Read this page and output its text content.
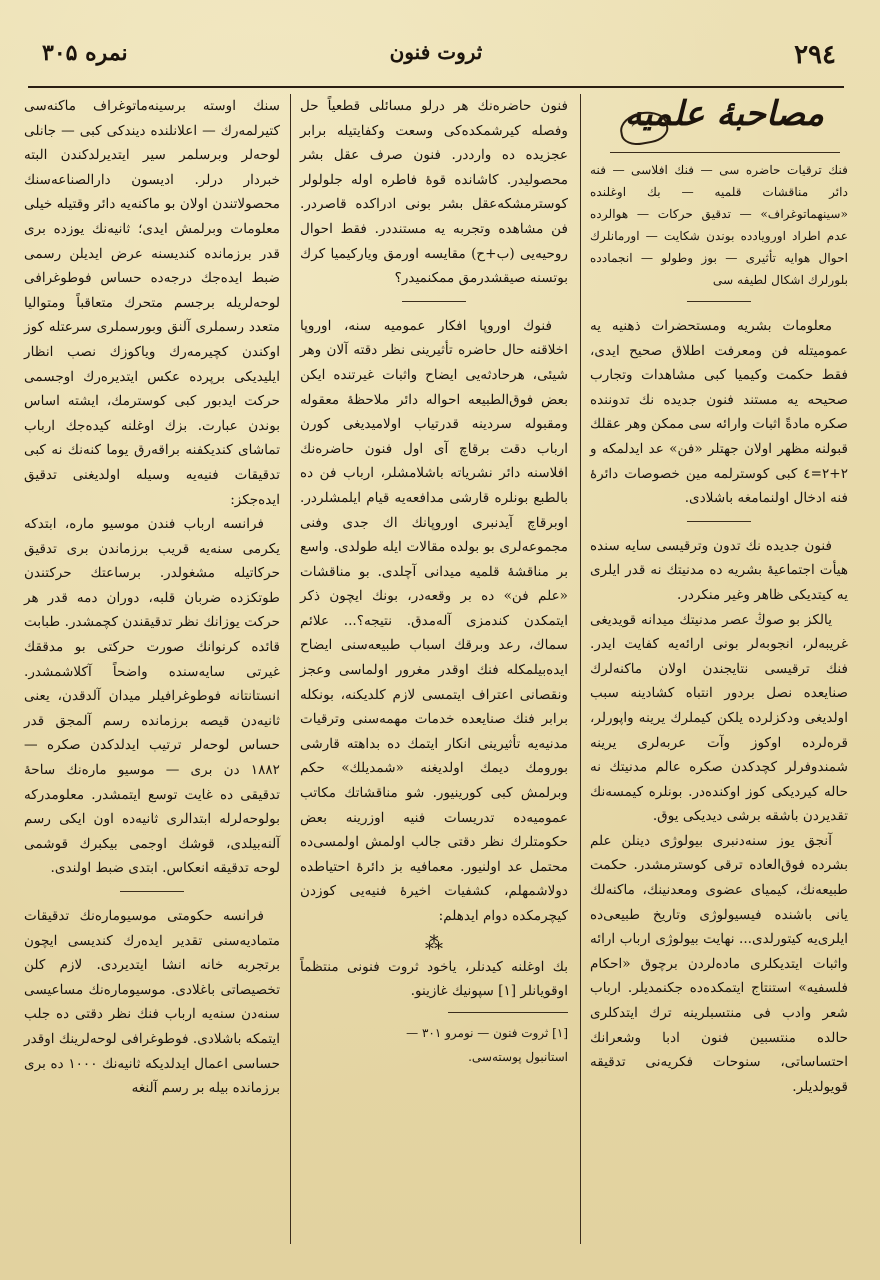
نمره ۳۰۵	ثروت فنون	۲۹٤
مصاحبهٔ علميه

فنك ترقيات حاضره سی — فنك افلاسی — فنه دائر مناقشات قلميه — بك اوغلنده «سينهماتوغراف» — تدقيق حركات — هوالرده عدم اطراد اورويادده بوندن شكايت — اورمانلرك احوال هوايه تأثيری — بوز وطولو — انجمادده بلورلرك اشكال لطيفه سی

معلومات بشريه ومستحضرات ذهنيه يه عموميتله فن ومعرفت اطلاق صحيح ايدی، فقط حكمت وكيميا كبی مشاهدات وتجارب صحيحه يه مستند فنون جديده نك تدوننده صكره مادةً اثبات وارائه سی ممكن وهر عقلك قبولنه مظهر اولان جهتلر «فن» عد ايدلمكه و ۲+۲=٤ كبی كوسترلمه مين خصوصات دائرهٔ فنه ادخال اولنمامغه باشلادی.

فنون جديده نك تدون وترقيسی سايه سنده هيأت اجتماعيهٔ بشريه ده مدنيتك نه قدر ايلری يه كيتديكی ظاهر وغير منكردر.

يالكز بو صوڭ عصر مدنيتك ميدانه قويديغی غريبه‌لر، انجوبه‌لر بونی ارائه‌يه كفايت ايدر. فنك ترقيسی نتايجندن اولان ماكنه‌لرك صنايعده نصل بردور انتباه كشادينه سبب اولديغی ودكزلرده يلكن كيملرك يرينه واپورلر، قره‌لرده اوكوز وآت عربه‌لری يرينه شمندوفرلر كچدكدن صكره عالم مدنيتك نه حاله كيرديكی كوز اوكنده‌در. بونلره كيمسه‌نك تقديردن باشقه برشی ديديكی يوق.

آنجق يوز سنه‌دنبری بيولوژی دينلن علم بشرده فوق‌العاده ترقی كوسترمشدر. حكمت طبيعه‌نك، كيميای عضوی ومعدنينك، ماكنه‌لك يانی باشنده فيسيولوژی وتاريخ طبيعی‌ده ايلری‌يه كيتورلدی... نهايت بيولوژی ارباب ارائه واثبات ايتديكلری ماده‌لردن برچوق «احكام فلسفيه» استنتاج ايتمكده‌ده جكنمديلر. ارباب شعر وادب فی منتسبلرينه ترك ايتدكلری حالده منتسبين فنون ادبا وشعرانك احتساساتی، سنوحات فكريه‌نی تدقيقه قويولديلر.

فنون حاضره‌نك هر درلو مسائلی قطعياً حل وفصله كيرشمكده‌كی وسعت وكفايتيله برابر عجزيده ده وارددر. فنون صرف عقل بشر محصوليدر. كاشانده قوهٔ فاطره اوله جلولولر كوسترمشكه‌عقل بشر بونی ادراكده قاصردر. فن مشاهده وتجربه يه مستنددر. فقط احوال روحيه‌يی (ب+ح) مقايسه اورمق وياركيميا كرك بوتسنه صيقشدرمق ممكنميدر؟

فنوك اوروپا افكار عموميه سنه، اوروپا اخلاقنه حال حاضره تأثيرينی نظر دقته آلان وهر شيئی، هرحادثه‌يی ايضاح واثبات غيرتنده ايكن بعض فوق‌الطبيعه احواله دائر ملاحظهٔ معقوله ومقبوله سردينه قدرتياب اولاميديغی كورن ارباب دقت برقاچ آی اول فنون حاضره‌نك افلاسنه دائر نشرياته باشلامشلر، ارباب فن ده بالطبع بونلره قارشی مدافعه‌يه قيام ايلمشلردر. اوبرقاچ آيدنبری اوروپانك اك جدی وفنی مجموعه‌لری بو بولده مقالات ايله طولدی. واسع بر مناقشهٔ قلميه ميدانی آچلدی. بو مناقشات «علم فن» ده بر وقعه‌در، بونك ايچون ذكر ايتمكدن كندمزی آله‌مدق. نتيجه؟... علائم سماك، رعد وبرقك اسباب طبيعه‌سنی ايضاح ايده‌بيلمكله فنك اوقدر مغرور اولماسی وعجز ونقصانی اعتراف ايتمسی لازم كلديكنه، بونكله برابر فنك صنايعده خدمات مهمه‌سنی وترقيات مدنيه‌يه تأثيرينی انكار ايتمك ده بداهته قارشی بورومك ديمك اولديغنه «شمديلك» حكم وبرلمش كبی كورينيور. شو مناقشاتك مكاتب عموميه‌ده تدريسات فنيه اوزرينه بعض حكومتلرك نظر دقتی جالب اولمش اولمسی‌ده محتمل عد اولنيور. معمافيه بز دائرهٔ احتياطده دولاشمهلم، كشفيات اخيرهٔ فنيه‌يی كوزدن كيچرمكده دوام ايدهلم:

⁂

بك اوغلنه كيدنلر، ياخود ثروت فنونی منتظماً اوقويانلر [۱] سپونيك غازينو.

[۱] ثروت فنون — نومرو ۳۰۱ —

استانبول پوسته‌سی.

سنك اوسته برسينه‌ماتوغراف ماكنه‌سی كتيرلمه‌رك — اعلانلنده ديندكی كبی — جانلی لوحه‌لر وبرسلمر سير ايتديرلدكندن البته خبردار درلر. اديسون دارالصناعه‌سنك محصولاتندن اولان بو ماكنه‌يه دائر وقتيله خيلی معلومات وبرلمش ايدی؛ ثانيه‌نك يوزده بری قدر برزمانده كنديسنه عرض ايديلن رسمی ضبط ايده‌جك درجه‌ده حساس فوطوغرافی لوحه‌لريله برجسم متحرك متعاقباً ومتواليا متعدد رسملری آلنق وبورسملری سرعتله كوز اوكندن كچيرمه‌رك وياكوزك نصب انظار ايليديكی برپرده عكس ايتديره‌رك اوجسمی حركت ايدبور كبی كوسترمك، ايشته اساس بوندن عبارت. بزك اوغلنه كيده‌جك ارباب تماشای كنديكفنه براقه‌رق يوما كنه‌نك نه كبی تدقيقات فنيه‌يه وسيله اولديغنی تدقيق ايده‌جكز:

فرانسه ارباب فندن موسيو ماره، ابتدكه يكرمی سنه‌يه قريب برزماندن بری تدقيق حركاتيله مشغولدر. برساعتك حركتندن طوتكزده ضربان قلبه، دوران دمه قدر هر حركت يوزانك نظر تدقيقندن كچمشدر. طبابت قائده كرنوانك صورت حركتی بو مدققك غيرتی سايه‌سنده واضحاً آكلاشمشدر. انستانتانه فوطوغرافيلر ميدان آلدقدن، يعنی ثانيه‌دن قيصه برزمانده رسم آلمجق قدر حساس لوحه‌لر ترتيب ايدلدكدن صكره — ۱۸۸۲ دن بری — موسيو ماره‌نك ساحهٔ تدقيقی ده غايت توسع ايتمشدر. معلومدركه بولوحه‌لرله ابتدالری ثانيه‌ده اون ايكی رسم آلنه‌بيلدی، قوشك اوجمی بيكبرك قوشمی لوحه تدقيقه انعكاس. ابتدی ضبط اولندی.

فرانسه حكومتی موسيوماره‌نك تدقيقات متماديه‌سنی تقدير ايده‌رك كنديسی ايچون برتجربه خانه انشا ايتديردی. لازم كلن تخصيصاتی باغلادی. موسيوماره‌نك مساعيسی سنه‌دن سنه‌يه ارباب فنك نظر دقتی ده جلب ايتمكه باشلادی. فوطوغرافی لوحه‌لرينك اوقدر حساسی اعمال ايدلديكه ثانيه‌نك ۱۰۰۰ ده بری برزمانده بيله بر رسم آلنغه
